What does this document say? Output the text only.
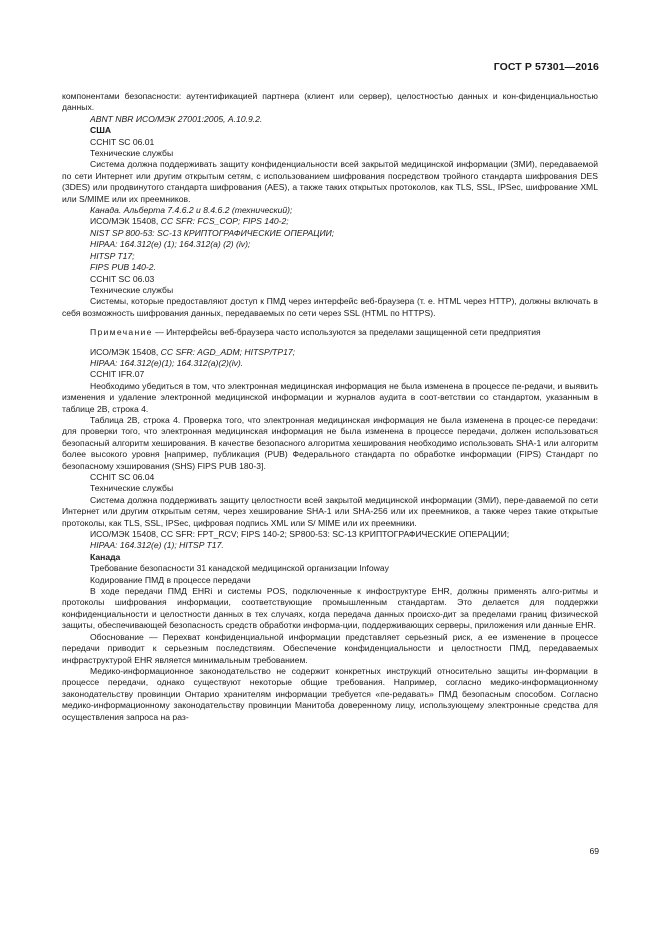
ГОСТ Р 57301—2016

компонентами безопасности: аутентификацией партнера (клиент или сервер), целостностью данных и кон-фиденциальностью данных.

ABNT NBR ИСО/МЭК 27001:2005, A.10.9.2.

США

CCHIT SC 06.01

Технические службы

Система должна поддерживать защиту конфиденциальности всей закрытой медицинской информации (ЗМИ), передаваемой по сети Интернет или другим открытым сетям, с использованием шифрования посредством тройного стандарта шифрования DES (3DES) или продвинутого стандарта шифрования (AES), а также таких открытых протоколов, как TLS, SSL, IPSec, шифрование XML или S/MIME или их преемников.

Канада. Альберта 7.4.6.2 и 8.4.6.2 (технический);

ИСО/МЭК 15408, CC SFR: FCS_COP; FIPS 140-2;

NIST SP 800-53: SC-13 КРИПТОГРАФИЧЕСКИЕ ОПЕРАЦИИ;

HIPAA: 164.312(e) (1); 164.312(a) (2) (iv);

HITSP T17;

FIPS PUB 140-2.

CCHIT SC 06.03

Технические службы

Системы, которые предоставляют доступ к ПМД через интерфейс веб-браузера (т. е. HTML через HTTP), должны включать в себя возможность шифрования данных, передаваемых по сети через SSL (HTML по HTTPS).

Примечание — Интерфейсы веб-браузера часто используются за пределами защищенной сети предприятия

ИСО/МЭК 15408, CC SFR: AGD_ADM; HITSP/TP17;

HIPAA: 164.312(e)(1); 164.312(a)(2)(iv).

CCHIT IFR.07

Необходимо убедиться в том, что электронная медицинская информация не была изменена в процессе пе-редачи, и выявить изменения и удаление электронной медицинской информации и журналов аудита в соот-ветствии со стандартом, указанным в таблице 2B, строка 4.

Таблица 2B, строка 4. Проверка того, что электронная медицинская информация не была изменена в процес-се передачи: для проверки того, что электронная медицинская информация не была изменена в процессе передачи, должен использоваться безопасный алгоритм хеширования. В качестве безопасного алгоритма хеширования необходимо использовать SHA-1 или алгоритм более высокого уровня [например, публикация (PUB) Федерального стандарта по обработке информации (FIPS) Стандарт по безопасному хэширования (SHS) FIPS PUB 180-3].

CCHIT SC 06.04

Технические службы

Система должна поддерживать защиту целостности всей закрытой медицинской информации (ЗМИ), пере-даваемой по сети Интернет или другим открытым сетям, через хеширование SHA-1 или SHA-256 или их преемников, а также через такие открытые протоколы, как TLS, SSL, IPSec, цифровая подпись XML или S/ MIME или их преемники.

ИСО/МЭК 15408, CC SFR: FPT_RCV; FIPS 140-2; SP800-53: SC-13 КРИПТОГРАФИЧЕСКИЕ ОПЕРАЦИИ;

HIPAA: 164.312(e) (1); HITSP T17.

Канада

Требование безопасности 31 канадской медицинской организации Infoway

Кодирование ПМД в процессе передачи

В ходе передачи ПМД EHRi и системы POS, подключенные к инфоструктуре EHR, должны применять алго-ритмы и протоколы шифрования информации, соответствующие промышленным стандартам. Это делается для поддержки конфиденциальности и целостности данных в тех случаях, когда передача данных происхо-дит за пределами границ физической защиты, обеспечивающей безопасность средств обработки информа-ции, поддерживающих серверы, приложения или данные EHR.

Обоснование — Перехват конфиденциальной информации представляет серьезный риск, а ее изменение в процессе передачи приводит к серьезным последствиям. Обеспечение конфиденциальности и целостности ПМД, передаваемых инфраструктурой EHR является минимальным требованием.

Медико-информационное законодательство не содержит конкретных инструкций относительно защиты ин-формации в процессе передачи, однако существуют некоторые общие требования. Например, согласно медико-информационному законодательству провинции Онтарио хранителям информации требуется «пе-редавать» ПМД безопасным способом. Согласно медико-информационному законодательству провинции Манитоба доверенному лицу, использующему электронные средства для осуществления запроса на раз-

69
